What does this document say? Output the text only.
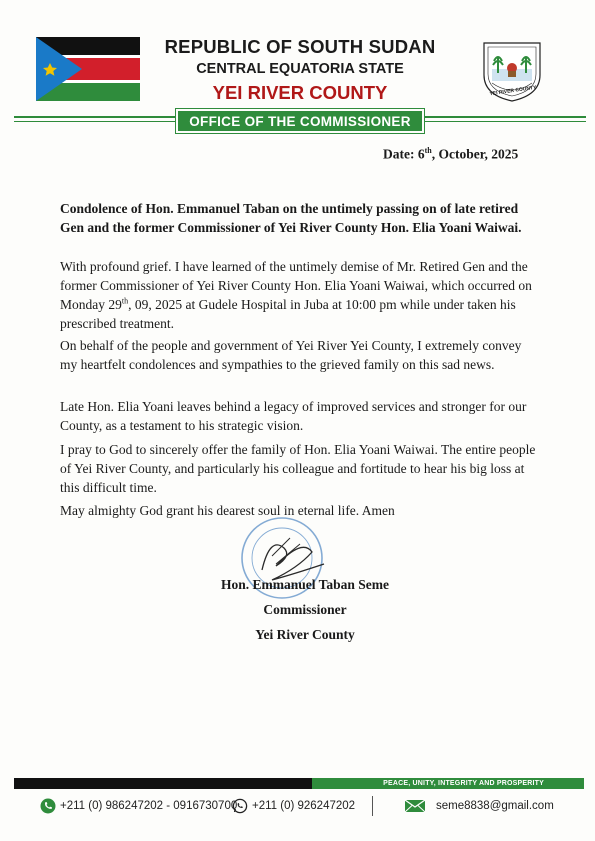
REPUBLIC OF SOUTH SUDAN
CENTRAL EQUATORIA STATE
YEI RIVER COUNTY	YEI RIVER COUNTY
OFFICE OF THE COMMISSIONER
Date: 6th, October, 2025
Condolence of Hon. Emmanuel Taban on the untimely passing on of late retired Gen and the former Commissioner of Yei River County Hon. Elia Yoani Waiwai.
With profound grief. I have learned of the untimely demise of Mr. Retired Gen and the former Commissioner of Yei River County Hon. Elia Yoani Waiwai, which occurred on Monday 29th, 09, 2025 at Gudele Hospital in Juba at 10:00 pm while under taken his prescribed treatment.
On behalf of the people and government of Yei River Yei County, I extremely convey my heartfelt condolences and sympathies to the grieved family on this sad news.
Late Hon. Elia Yoani leaves behind a legacy of improved services and stronger for our County, as a testament to his strategic vision.
I pray to God to sincerely offer the family of Hon. Elia Yoani Waiwai. The entire people of Yei River County, and particularly his colleague and fortitude to hear his big loss at this difficult time.
May almighty God grant his dearest soul in eternal life. Amen
Hon. Emmanuel Taban Seme
Commissioner
Yei River County
PEACE, UNITY, INTEGRITY AND PROSPERITY
+211 (0) 986247202 - 0916730700 +211 (0) 926247202	seme8838@gmail.com
